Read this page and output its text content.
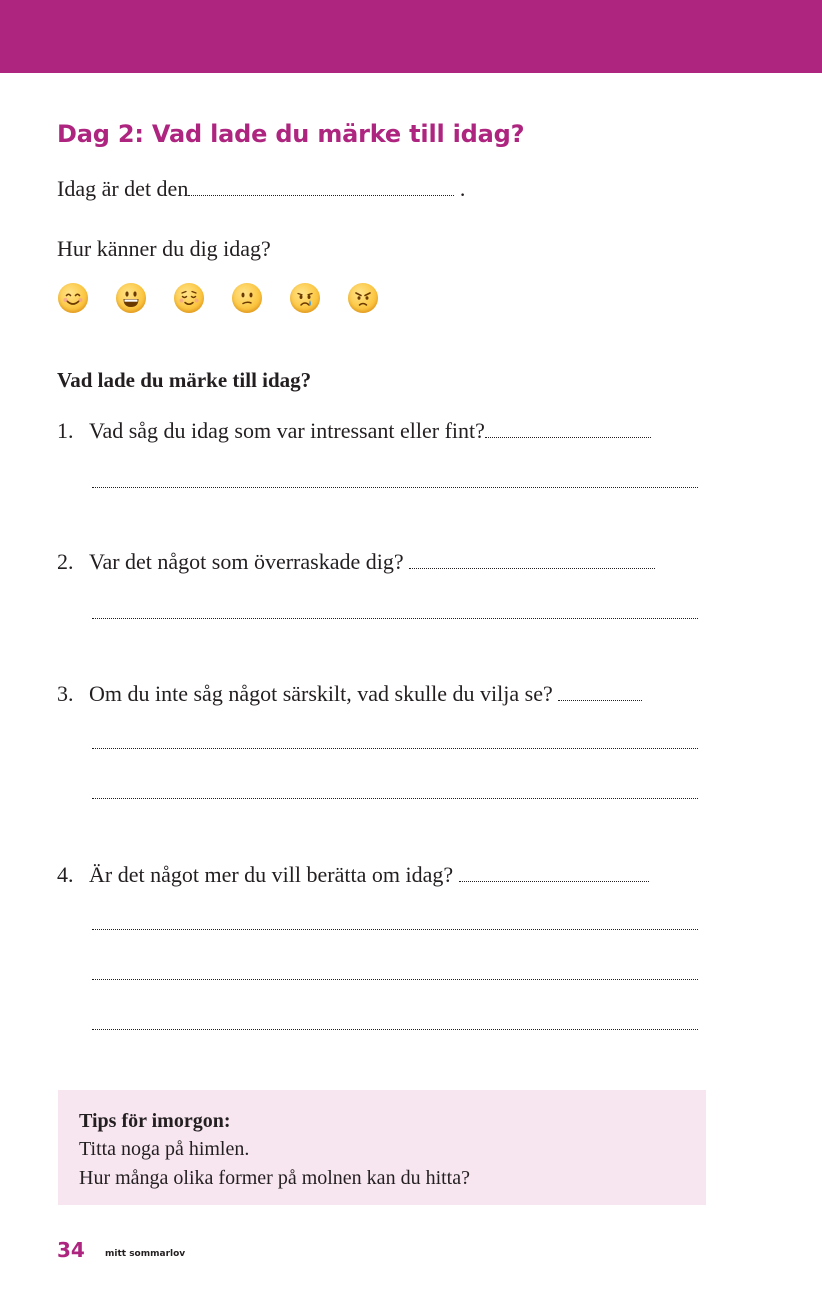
Dag 2: Vad lade du märke till idag?
Idag är det den	.
Hur känner du dig idag?
Vad lade du märke till idag?
1. Vad såg du idag som var intressant eller fint?
2. Var det något som överraskade dig?
3. Om du inte såg något särskilt, vad skulle du vilja se?
4. Är det något mer du vill berätta om idag?
Tips för imorgon:
Titta noga på himlen.
Hur många olika former på molnen kan du hitta?
34 mitt sommarlov
